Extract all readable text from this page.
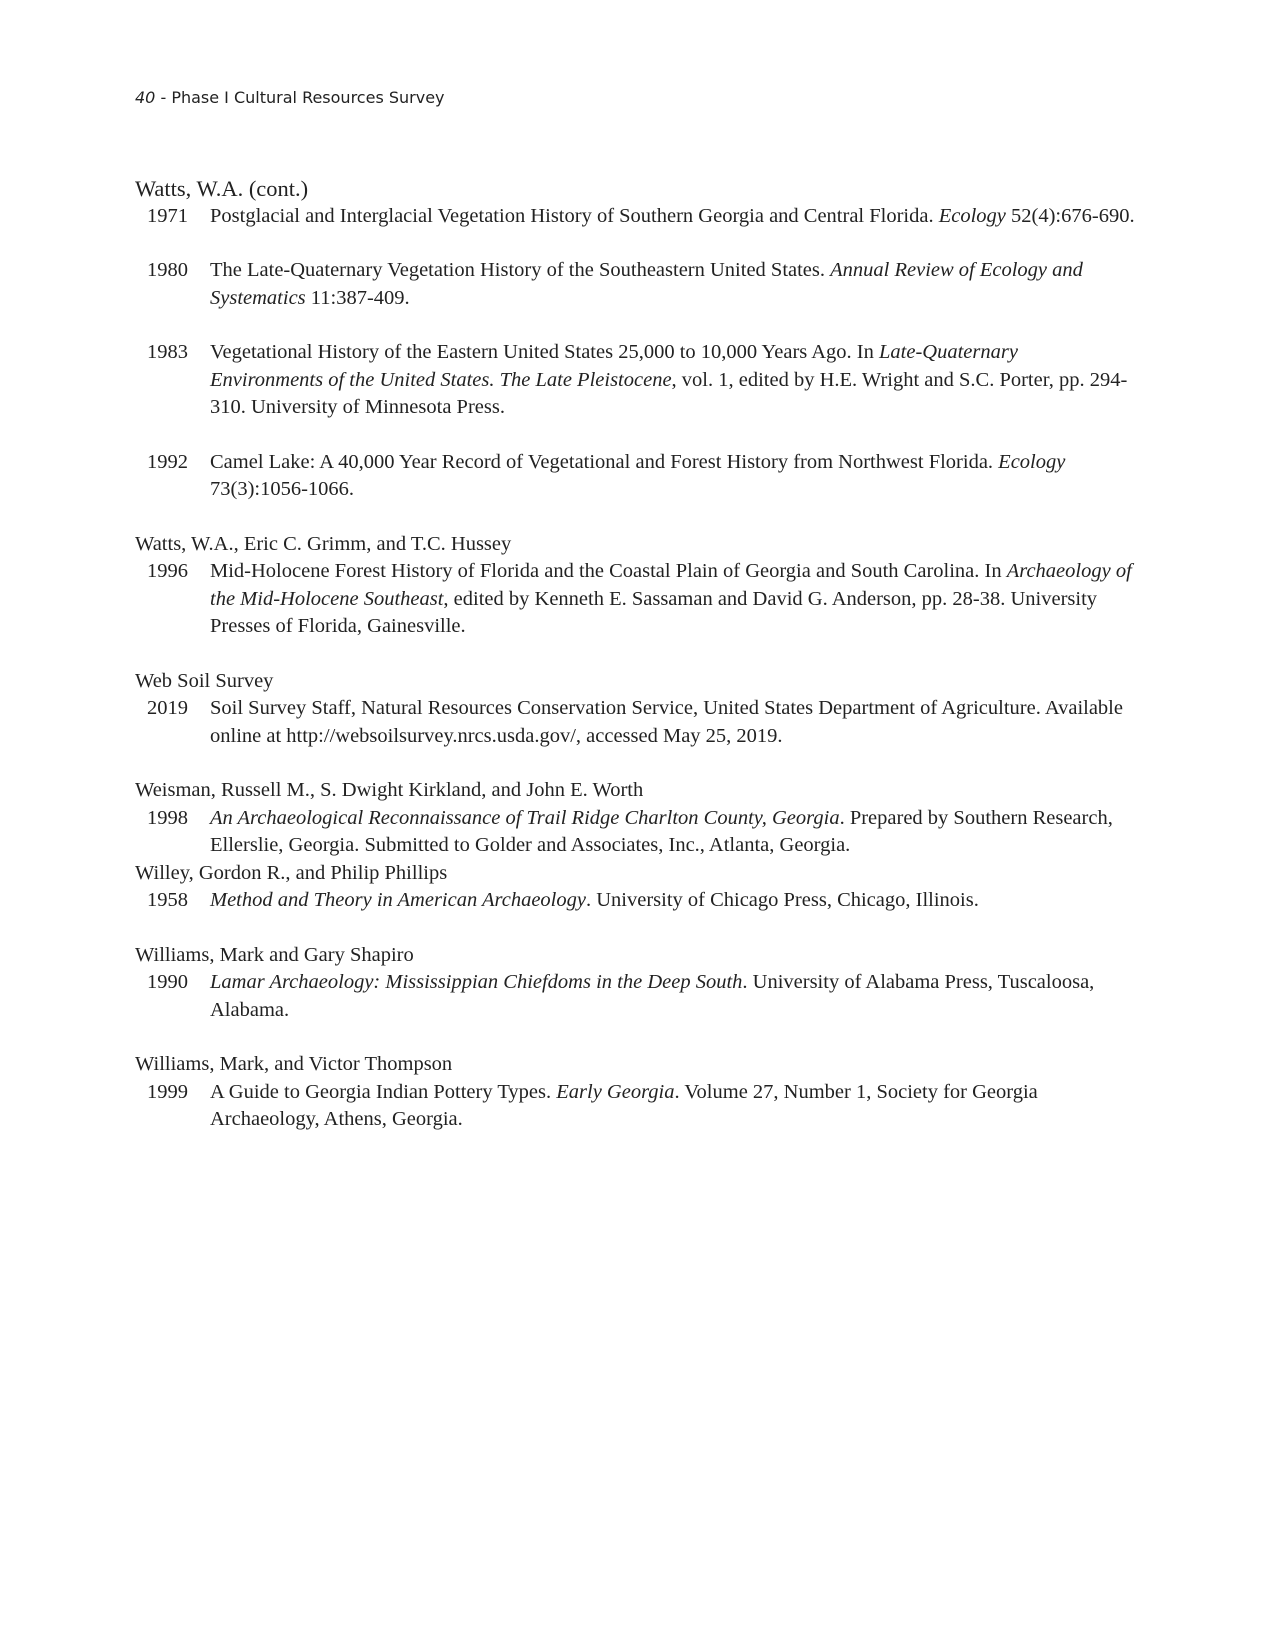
40 - Phase I Cultural Resources Survey
Watts, W.A. (cont.)
1971	Postglacial and Interglacial Vegetation History of Southern Georgia and Central Florida. Ecology 52(4):676-690.
1980	The Late-Quaternary Vegetation History of the Southeastern United States. Annual Review of Ecology and Systematics 11:387-409.
1983	Vegetational History of the Eastern United States 25,000 to 10,000 Years Ago. In Late-Quaternary Environments of the United States. The Late Pleistocene, vol. 1, edited by H.E. Wright and S.C. Porter, pp. 294-310. University of Minnesota Press.
1992	Camel Lake: A 40,000 Year Record of Vegetational and Forest History from Northwest Florida. Ecology 73(3):1056-1066.
Watts, W.A., Eric C. Grimm, and T.C. Hussey
1996	Mid-Holocene Forest History of Florida and the Coastal Plain of Georgia and South Carolina. In Archaeology of the Mid-Holocene Southeast, edited by Kenneth E. Sassaman and David G. Anderson, pp. 28-38. University Presses of Florida, Gainesville.
Web Soil Survey
2019	Soil Survey Staff, Natural Resources Conservation Service, United States Department of Agriculture. Available online at http://websoilsurvey.nrcs.usda.gov/, accessed May 25, 2019.
Weisman, Russell M., S. Dwight Kirkland, and John E. Worth
1998	An Archaeological Reconnaissance of Trail Ridge Charlton County, Georgia. Prepared by Southern Research, Ellerslie, Georgia. Submitted to Golder and Associates, Inc., Atlanta, Georgia.
Willey, Gordon R., and Philip Phillips
1958	Method and Theory in American Archaeology. University of Chicago Press, Chicago, Illinois.
Williams, Mark and Gary Shapiro
1990	Lamar Archaeology: Mississippian Chiefdoms in the Deep South. University of Alabama Press, Tuscaloosa, Alabama.
Williams, Mark, and Victor Thompson
1999	A Guide to Georgia Indian Pottery Types. Early Georgia. Volume 27, Number 1, Society for Georgia Archaeology, Athens, Georgia.
